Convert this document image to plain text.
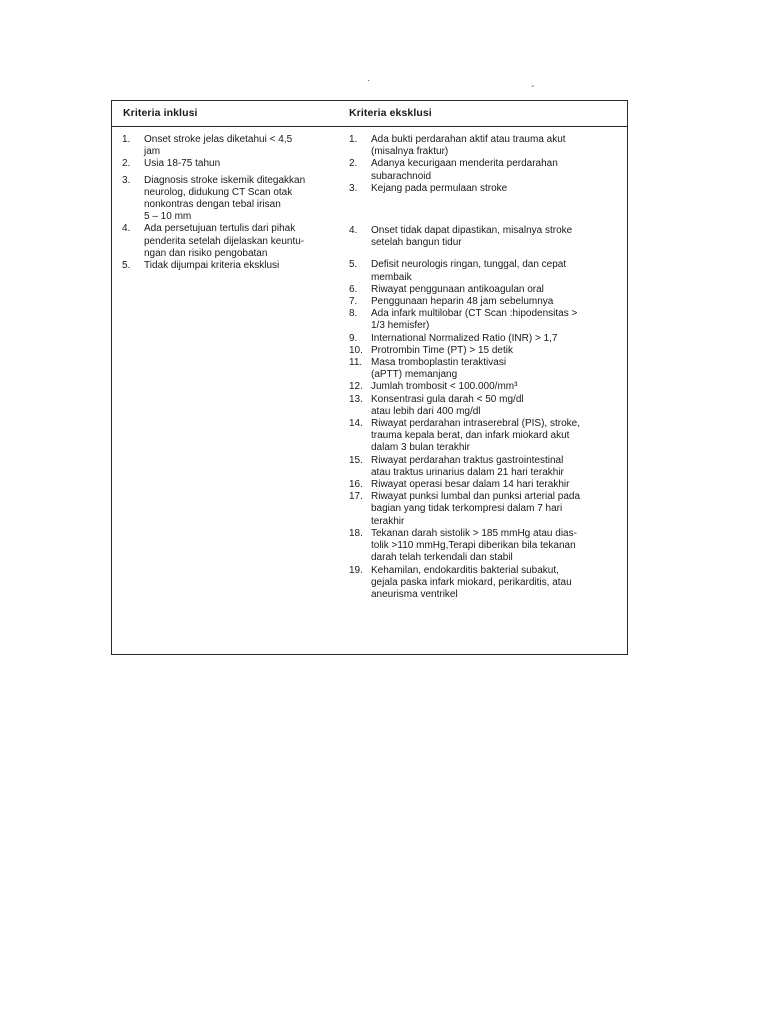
·
-
Kriteria inklusi	Kriteria eksklusi
1.	Onset stroke jelas diketahui < 4,5
jam
2.	Usia 18-75 tahun
3.	Diagnosis stroke iskemik ditegakkan
neurolog, didukung CT Scan otak
nonkontras dengan tebal irisan
5 – 10 mm
4.	Ada persetujuan tertulis dari pihak
penderita setelah dijelaskan keuntu-
ngan dan risiko pengobatan
5.	Tidak dijumpai kriteria eksklusi
1.	Ada bukti perdarahan aktif atau trauma akut
(misalnya fraktur)
2.	Adanya kecurigaan menderita perdarahan
subarachnoid
3.	Kejang pada permulaan stroke
4.	Onset tidak dapat dipastikan, misalnya stroke
setelah bangun tidur
5.	Defisit neurologis ringan, tunggal, dan cepat
membaik
6.	Riwayat penggunaan antikoagulan oral
7.	Penggunaan heparin 48 jam sebelumnya
8.	Ada infark multilobar (CT Scan :hipodensitas >
1/3 hemisfer)
9.	International Normalized Ratio (INR) > 1,7
10. Protrombin Time (PT) > 15 detik
11. Masa tromboplastin teraktivasi
(aPTT) memanjang
12. Jumlah trombosit < 100.000/mm³
13. Konsentrasi gula darah < 50 mg/dl
atau lebih dari 400 mg/dl
14. Riwayat perdarahan intraserebral (PIS), stroke,
trauma kepala berat, dan infark miokard akut
dalam 3 bulan terakhir
15. Riwayat perdarahan traktus gastrointestinal
atau traktus urinarius dalam 21 hari terakhir
16. Riwayat operasi besar dalam 14 hari terakhir
17. Riwayat punksi lumbal dan punksi arterial pada
bagian yang tidak terkompresi dalam 7 hari
terakhir
18. Tekanan darah sistolik > 185 mmHg atau dias-
tolik >110 mmHg,Terapi diberikan bila tekanan
darah telah terkendali dan stabil
19. Kehamilan, endokarditis bakterial subakut,
gejala paska infark miokard, perikarditis, atau
aneurisma ventrikel
